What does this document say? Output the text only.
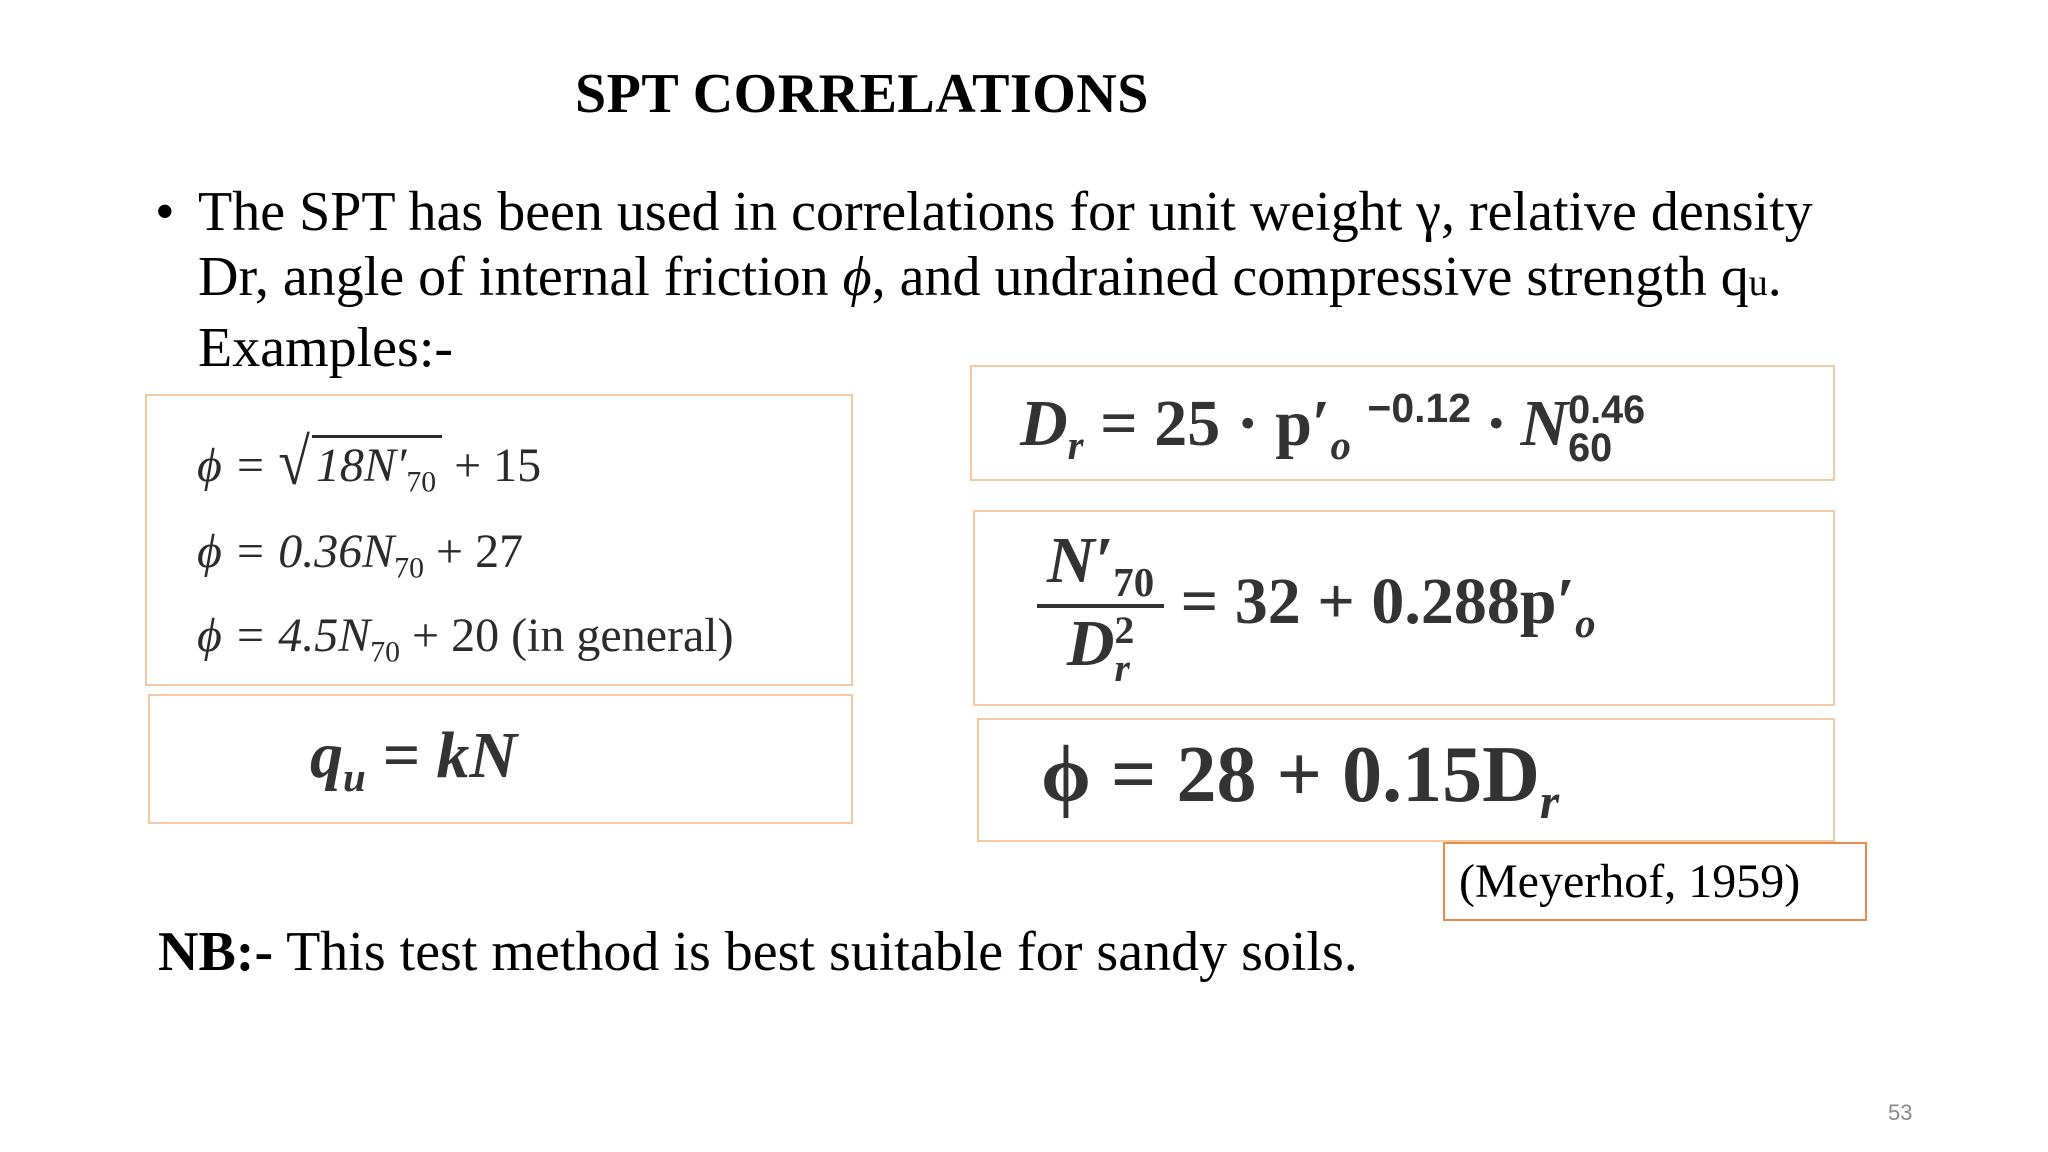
SPT CORRELATIONS
• The SPT has been used in correlations for unit weight γ, relative density Dr, angle of internal friction ϕ, and undrained compressive strength qu. Examples:-
ϕ = √ $18N'_{70} + 15$
$\phi = 0.36N_{70} + 27$
$\phi = 4.5N_{70} + 20$ (in general)
$q_u$ = kN
$D_r = 25 \cdot p'_o$ $^{-0.12}$ · N 0.46
60
$N'_{70}$
D 2
$r = 32 + 0.288p'_o$
$\phi = 28 + 0.15D_r$
(Meyerhof, 1959)
NB:- This test method is best suitable for sandy soils.
53
